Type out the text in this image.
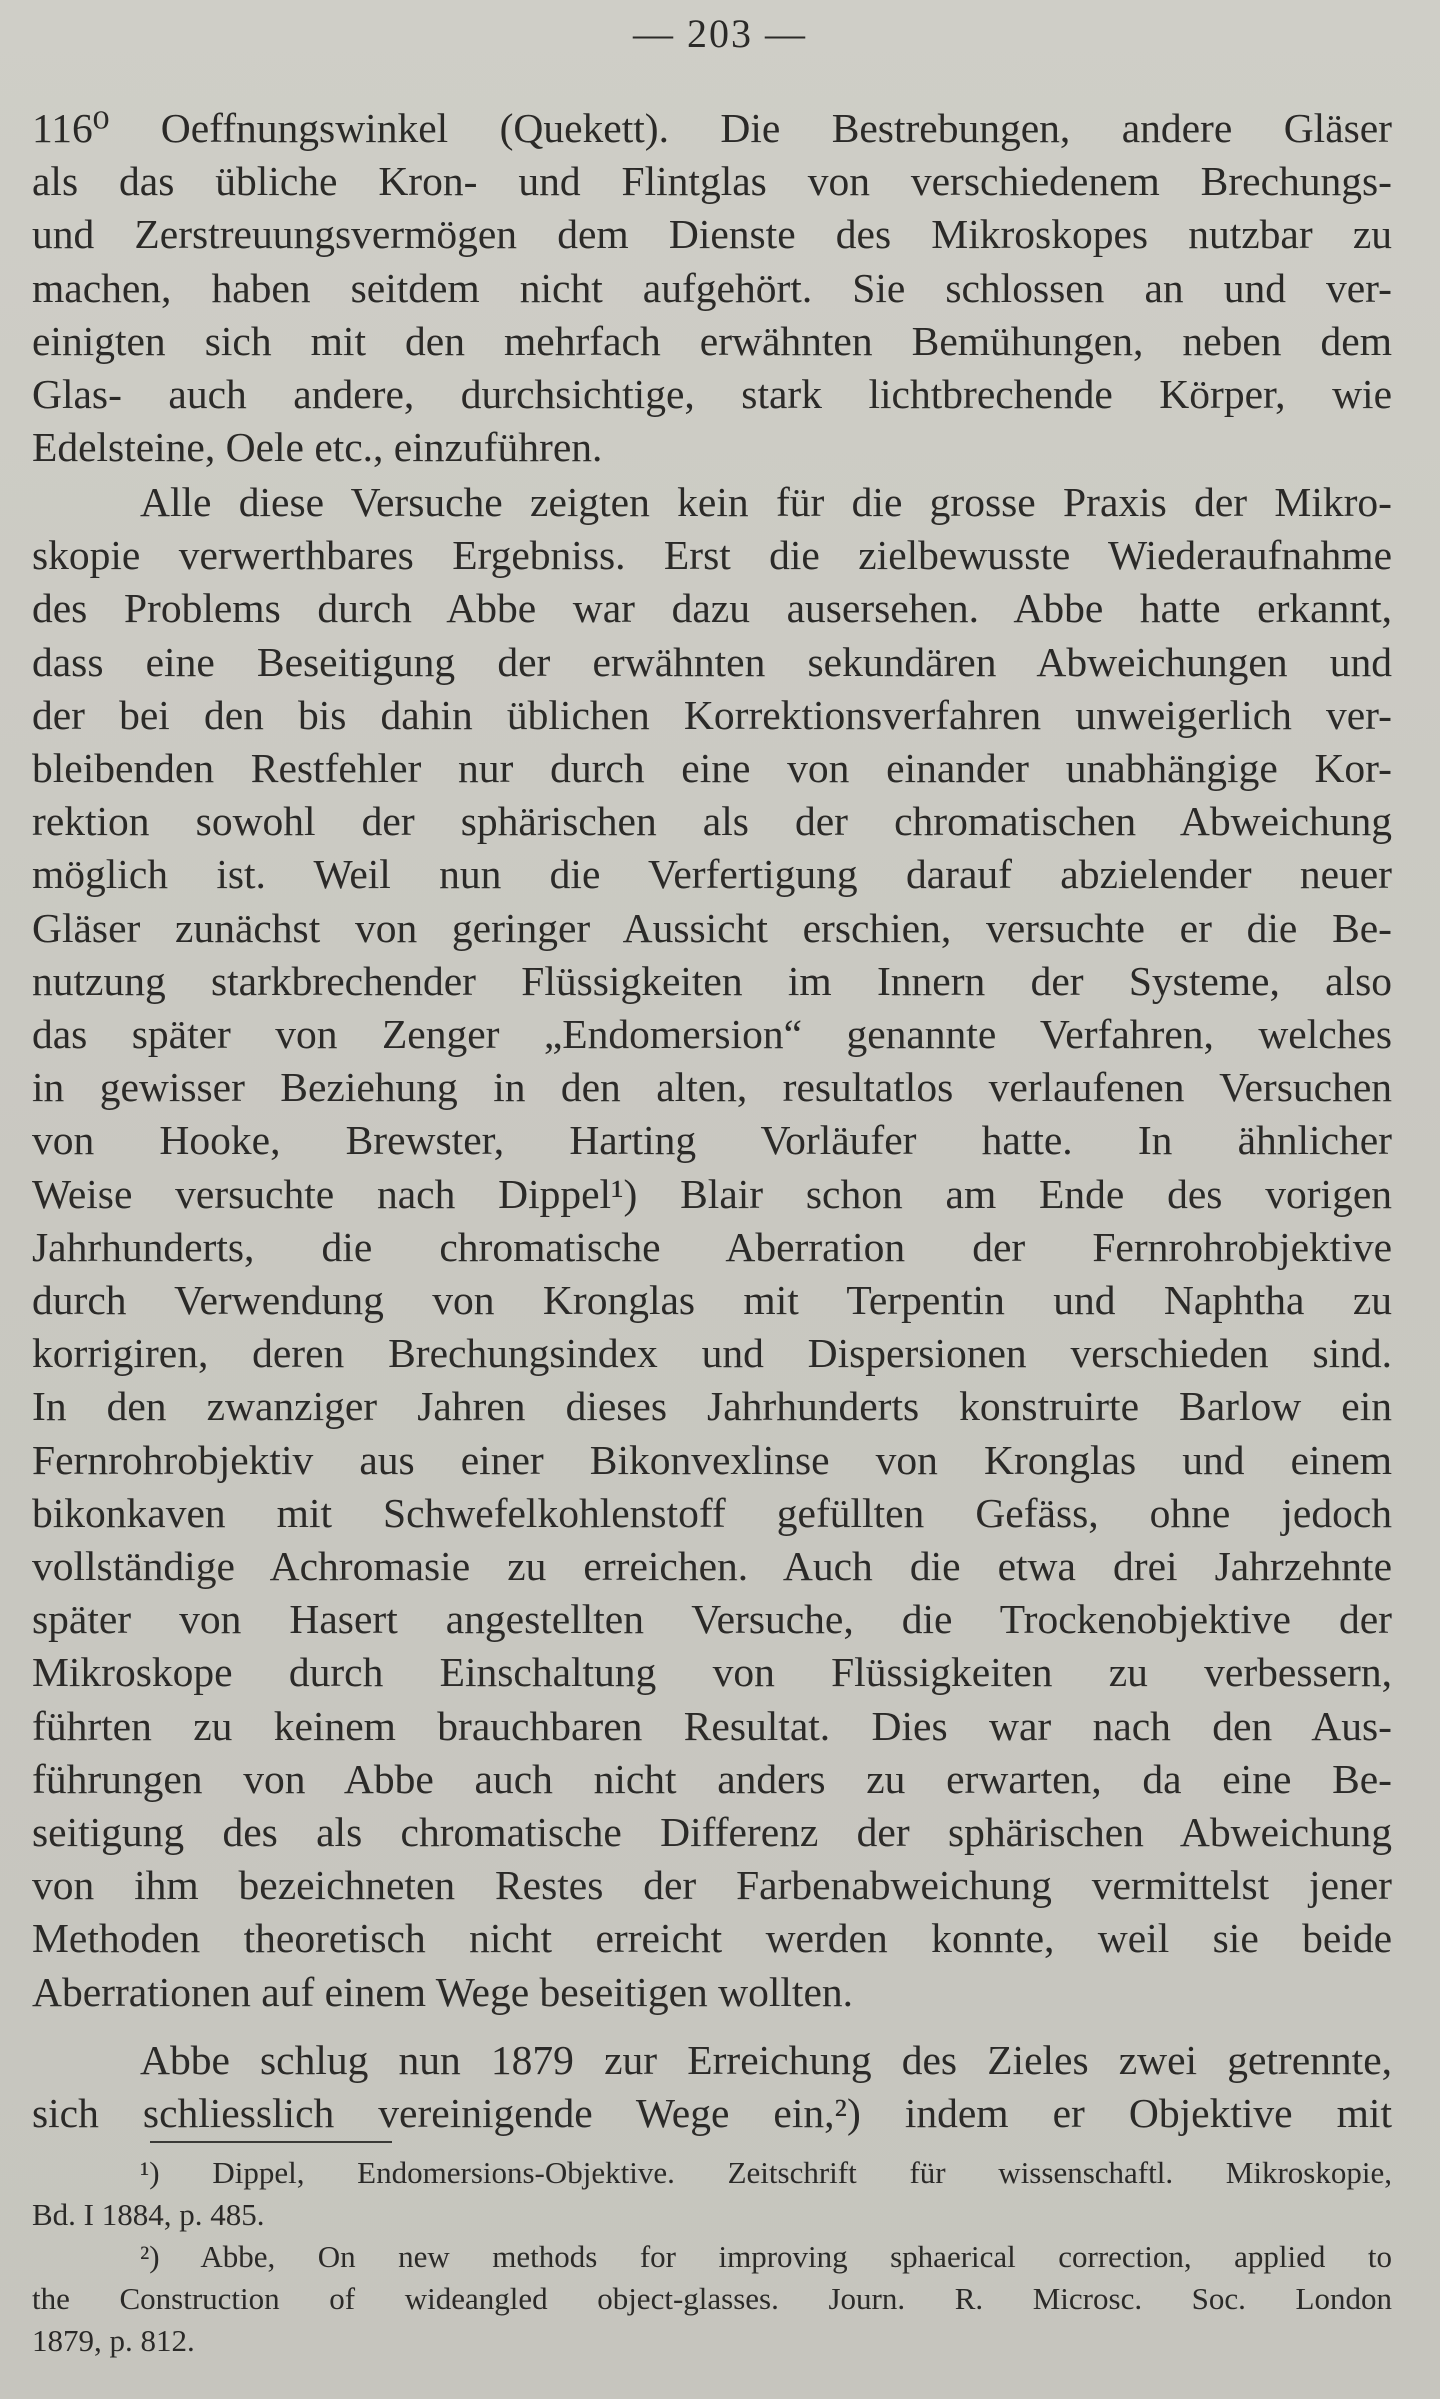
— 203 —
116⁰ Oeffnungswinkel (Quekett). Die Bestrebungen, andere Gläser
als das übliche Kron- und Flintglas von verschiedenem Brechungs-
und Zerstreuungsvermögen dem Dienste des Mikroskopes nutzbar zu
machen, haben seitdem nicht aufgehört. Sie schlossen an und ver-
einigten sich mit den mehrfach erwähnten Bemühungen, neben dem
Glas- auch andere, durchsichtige, stark lichtbrechende Körper, wie
Edelsteine, Oele etc., einzuführen.
Alle diese Versuche zeigten kein für die grosse Praxis der Mikro-
skopie verwerthbares Ergebniss. Erst die zielbewusste Wiederaufnahme
des Problems durch Abbe war dazu ausersehen. Abbe hatte erkannt,
dass eine Beseitigung der erwähnten sekundären Abweichungen und
der bei den bis dahin üblichen Korrektionsverfahren unweigerlich ver-
bleibenden Restfehler nur durch eine von einander unabhängige Kor-
rektion sowohl der sphärischen als der chromatischen Abweichung
möglich ist. Weil nun die Verfertigung darauf abzielender neuer
Gläser zunächst von geringer Aussicht erschien, versuchte er die Be-
nutzung starkbrechender Flüssigkeiten im Innern der Systeme, also
das später von Zenger „Endomersion“ genannte Verfahren, welches
in gewisser Beziehung in den alten, resultatlos verlaufenen Versuchen
von Hooke, Brewster, Harting Vorläufer hatte. In ähnlicher
Weise versuchte nach Dippel¹) Blair schon am Ende des vorigen
Jahrhunderts, die chromatische Aberration der Fernrohrobjektive
durch Verwendung von Kronglas mit Terpentin und Naphtha zu
korrigiren, deren Brechungsindex und Dispersionen verschieden sind.
In den zwanziger Jahren dieses Jahrhunderts konstruirte Barlow ein
Fernrohrobjektiv aus einer Bikonvexlinse von Kronglas und einem
bikonkaven mit Schwefelkohlenstoff gefüllten Gefäss, ohne jedoch
vollständige Achromasie zu erreichen. Auch die etwa drei Jahrzehnte
später von Hasert angestellten Versuche, die Trockenobjektive der
Mikroskope durch Einschaltung von Flüssigkeiten zu verbessern,
führten zu keinem brauchbaren Resultat. Dies war nach den Aus-
führungen von Abbe auch nicht anders zu erwarten, da eine Be-
seitigung des als chromatische Differenz der sphärischen Abweichung
von ihm bezeichneten Restes der Farbenabweichung vermittelst jener
Methoden theoretisch nicht erreicht werden konnte, weil sie beide
Aberrationen auf einem Wege beseitigen wollten.
Abbe schlug nun 1879 zur Erreichung des Zieles zwei getrennte,
sich schliesslich vereinigende Wege ein,²) indem er Objektive mit
¹) Dippel, Endomersions-Objektive. Zeitschrift für wissenschaftl. Mikroskopie,
Bd. I 1884, p. 485.
²) Abbe, On new methods for improving sphaerical correction, applied to
the Construction of wideangled object-glasses. Journ. R. Microsc. Soc. London
1879, p. 812.
